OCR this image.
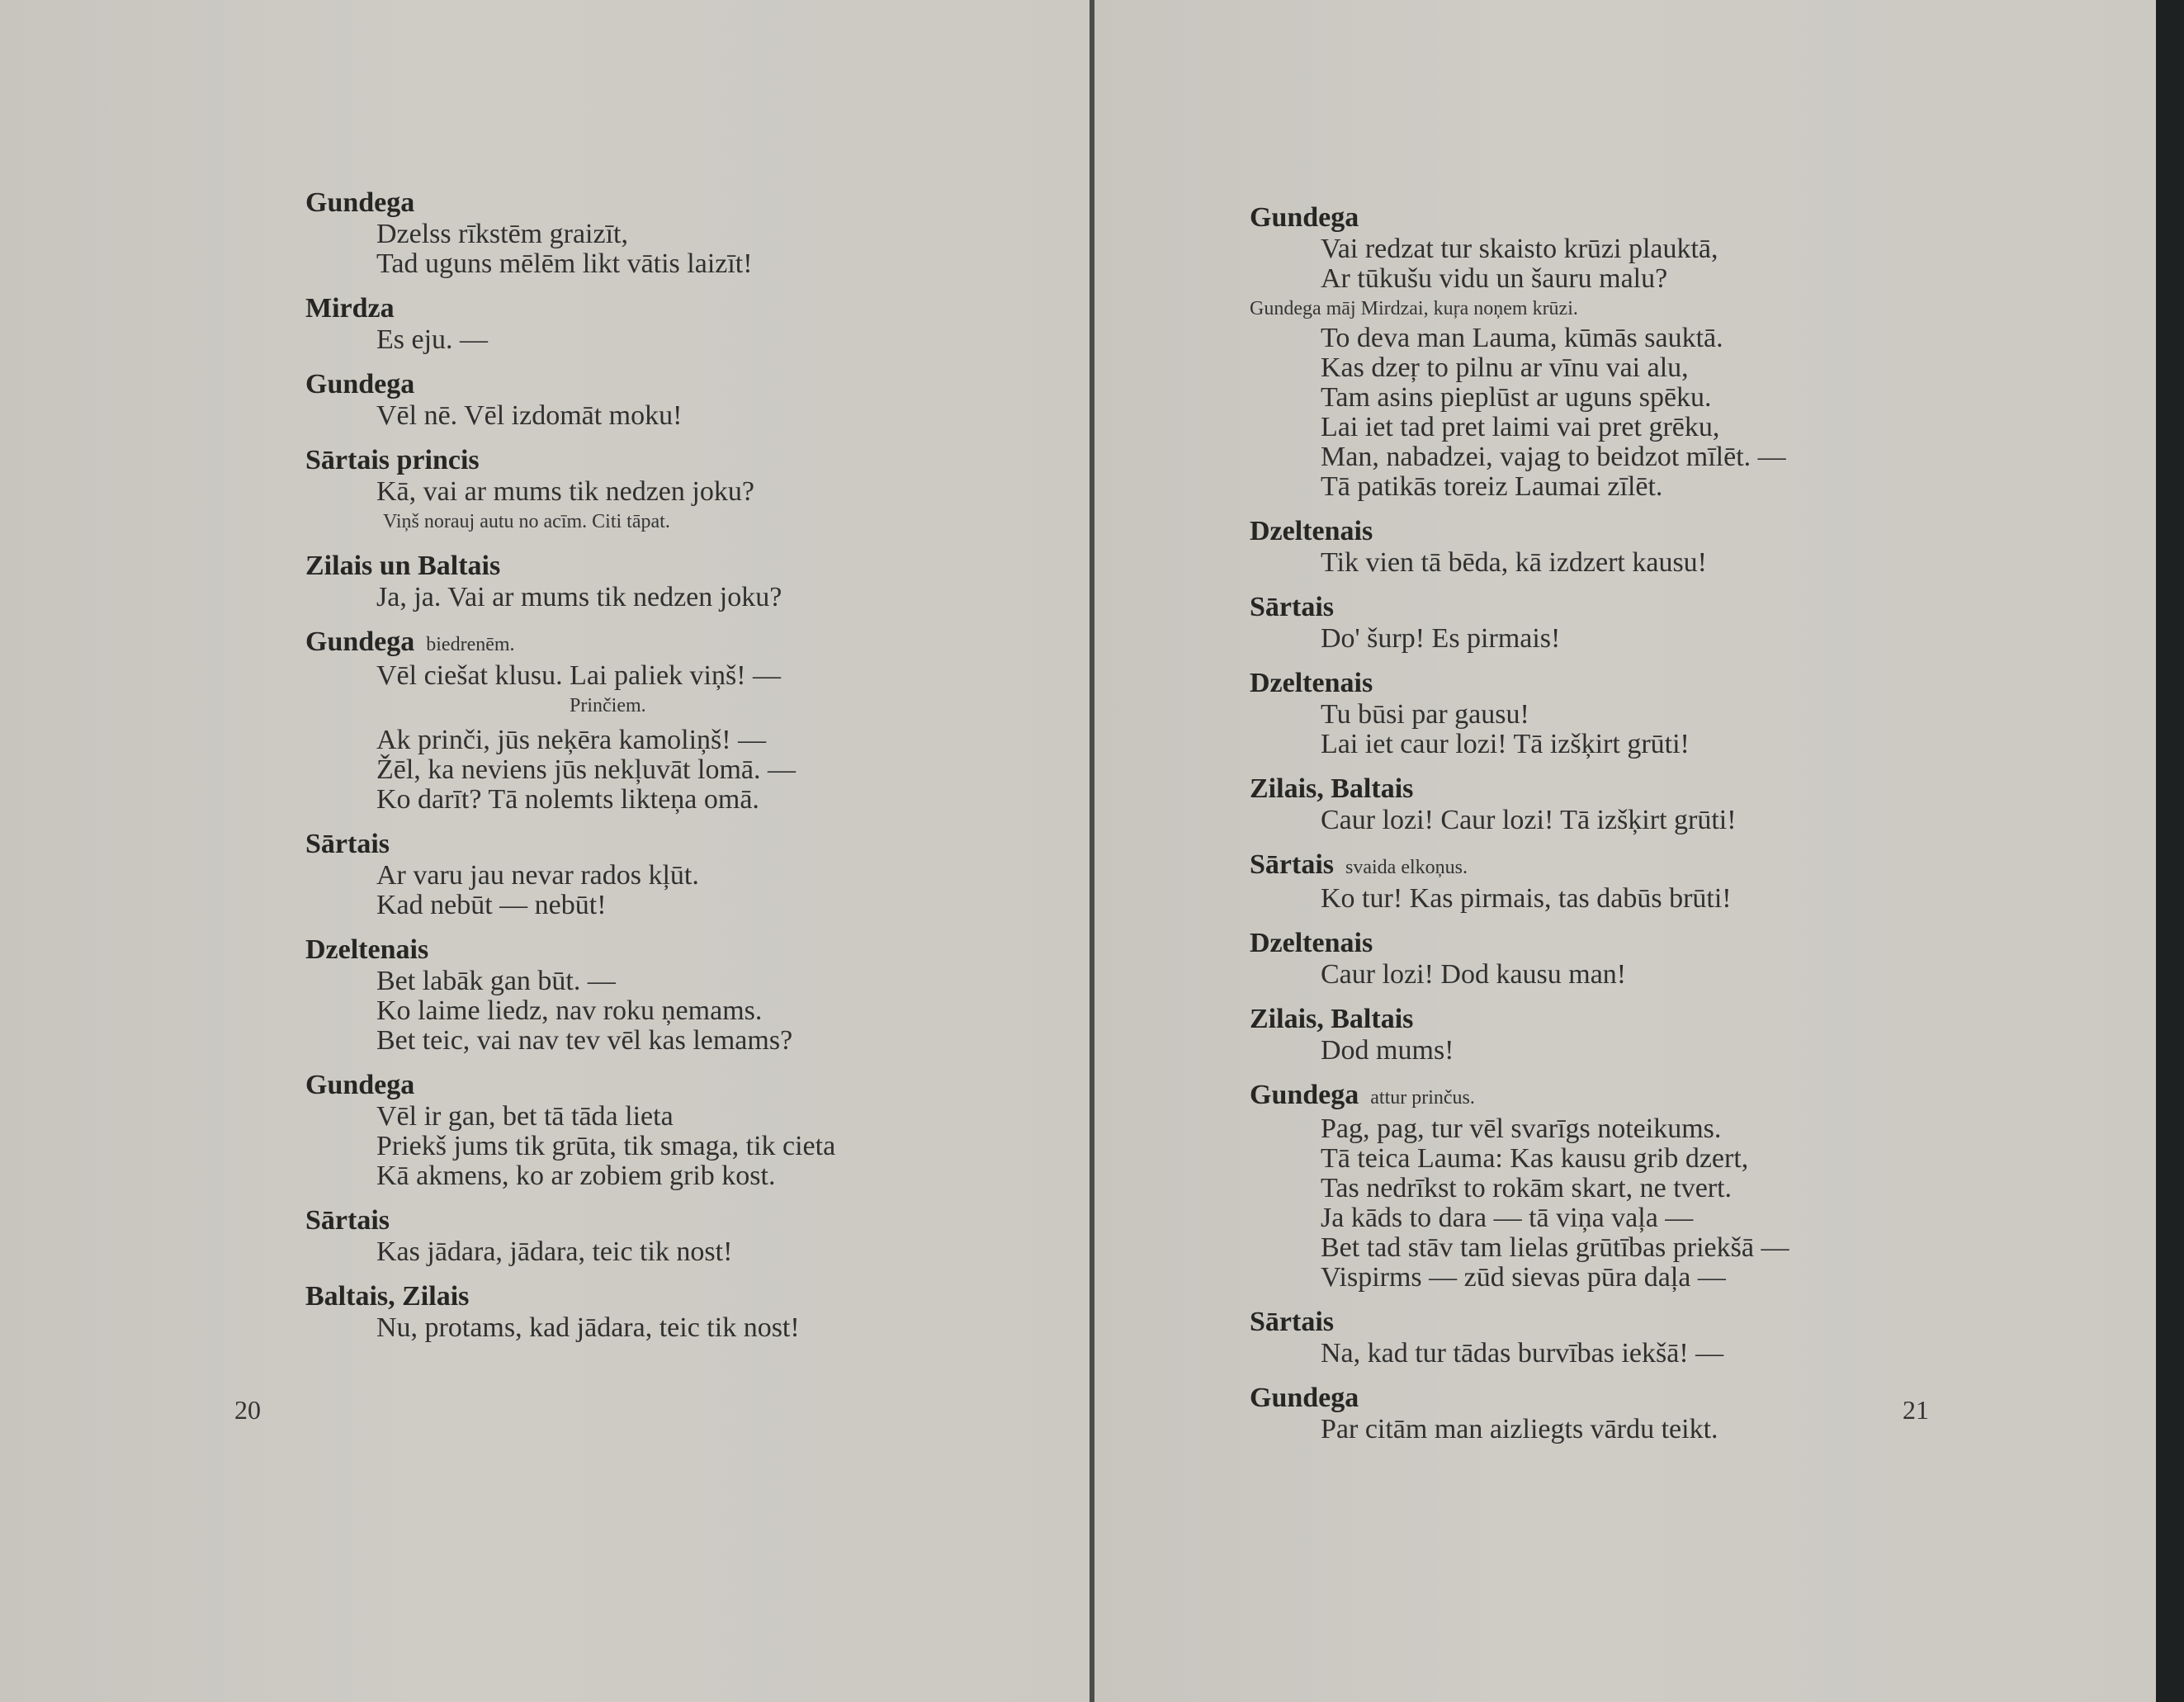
Gundega
Dzelss rīkstēm graizīt,
Tad uguns mēlēm likt vātis laizīt!
Mirdza
Es eju. —
Gundega
Vēl nē. Vēl izdomāt moku!
Sārtais princis
Kā, vai ar mums tik nedzen joku?
Viņš norauj autu no acīm. Citi tāpat.
Zilais un Baltais
Ja, ja. Vai ar mums tik nedzen joku?
Gundega biedrenēm.
Vēl ciešat klusu. Lai paliek viņš! —
Prinčiem.
Ak prinči, jūs neķēra kamoliņš! —
Žēl, ka neviens jūs nekļuvāt lomā. —
Ko darīt? Tā nolemts likteņa omā.
Sārtais
Ar varu jau nevar rados kļūt.
Kad nebūt — nebūt!
Dzeltenais
Bet labāk gan būt. —
Ko laime liedz, nav roku ņemams.
Bet teic, vai nav tev vēl kas lemams?
Gundega
Vēl ir gan, bet tā tāda lieta
Priekš jums tik grūta, tik smaga, tik cieta
Kā akmens, ko ar zobiem grib kost.
Sārtais
Kas jādara, jādara, teic tik nost!
Baltais, Zilais
Nu, protams, kad jādara, teic tik nost!
20
Gundega
Vai redzat tur skaisto krūzi plauktā,
Ar tūkušu vidu un šauru malu?
Gundega māj Mirdzai, kuŗa noņem krūzi.
To deva man Lauma, kūmās sauktā.
Kas dzeŗ to pilnu ar vīnu vai alu,
Tam asins pieplūst ar uguns spēku.
Lai iet tad pret laimi vai pret grēku,
Man, nabadzei, vajag to beidzot mīlēt. —
Tā patikās toreiz Laumai zīlēt.
Dzeltenais
Tik vien tā bēda, kā izdzert kausu!
Sārtais
Do' šurp! Es pirmais!
Dzeltenais
Tu būsi par gausu!
Lai iet caur lozi! Tā izšķirt grūti!
Zilais, Baltais
Caur lozi! Caur lozi! Tā izšķirt grūti!
Sārtais svaida elkoņus.
Ko tur! Kas pirmais, tas dabūs brūti!
Dzeltenais
Caur lozi! Dod kausu man!
Zilais, Baltais
Dod mums!
Gundega attur prinčus.
Pag, pag, tur vēl svarīgs noteikums.
Tā teica Lauma: Kas kausu grib dzert,
Tas nedrīkst to rokām skart, ne tvert.
Ja kāds to dara — tā viņa vaļa —
Bet tad stāv tam lielas grūtības priekšā —
Vispirms — zūd sievas pūra daļa —
Sārtais
Na, kad tur tādas burvības iekšā! —
Gundega
Par citām man aizliegts vārdu teikt.
21
